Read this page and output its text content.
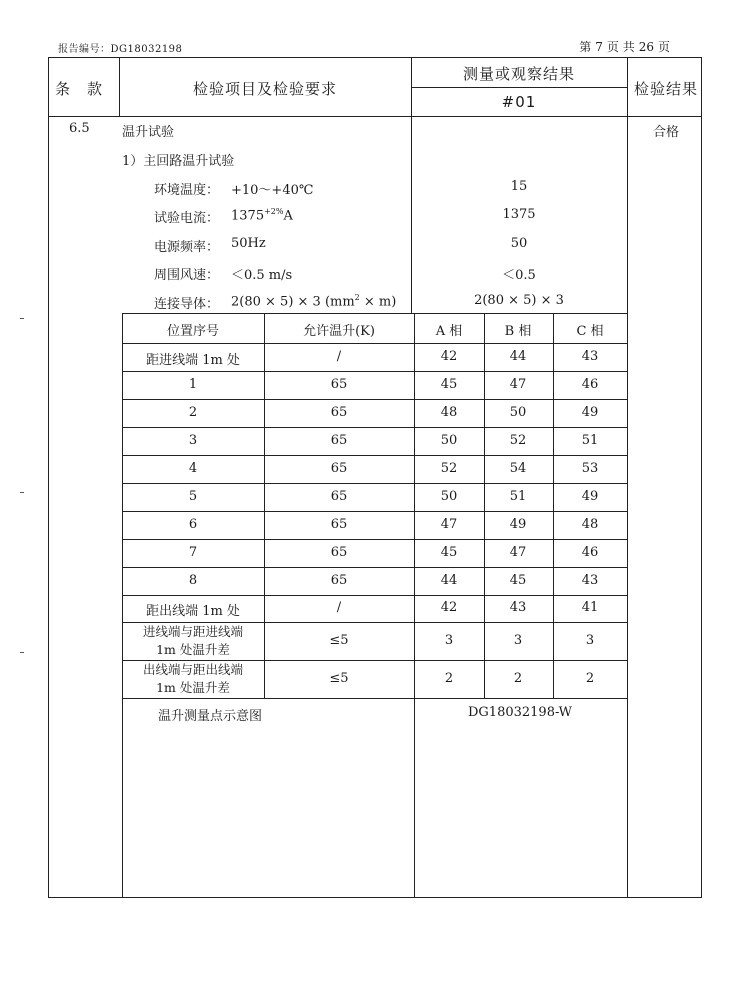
报告编号：DG18032198	第 7 页 共 26 页
条　款	检验项目及检验要求
测量或观察结果
#01
检验结果
6.5 温升试验	合格
1）主回路温升试验
环境温度： +10～+40℃	15
试验电流： $1375^{+2\%}A$	1375
电源频率： 50Hz	50
周围风速： ＜0.5 m/s	＜0.5
连接导体： 2(80 × 5) × 3 $(mm^2 \times m)$	2(80 × 5) × 3
位置序号	允许温升(K)	A 相	B 相	C 相
距进线端 1m 处	/	42	44	43
1	65	45	47	46
2	65	48	50	49
3	65	50	52	51
4	65	52	54	53
5	65	50	51	49
6	65	47	49	48
7	65	45	47	46
8	65	44	45	43
距出线端 1m 处	/	42	43	41
进线端与距进线端
1m 处温升差
≤5	3	3	3
出线端与距出线端
1m 处温升差
≤5	2	2	2
温升测量点示意图	DG18032198-W
